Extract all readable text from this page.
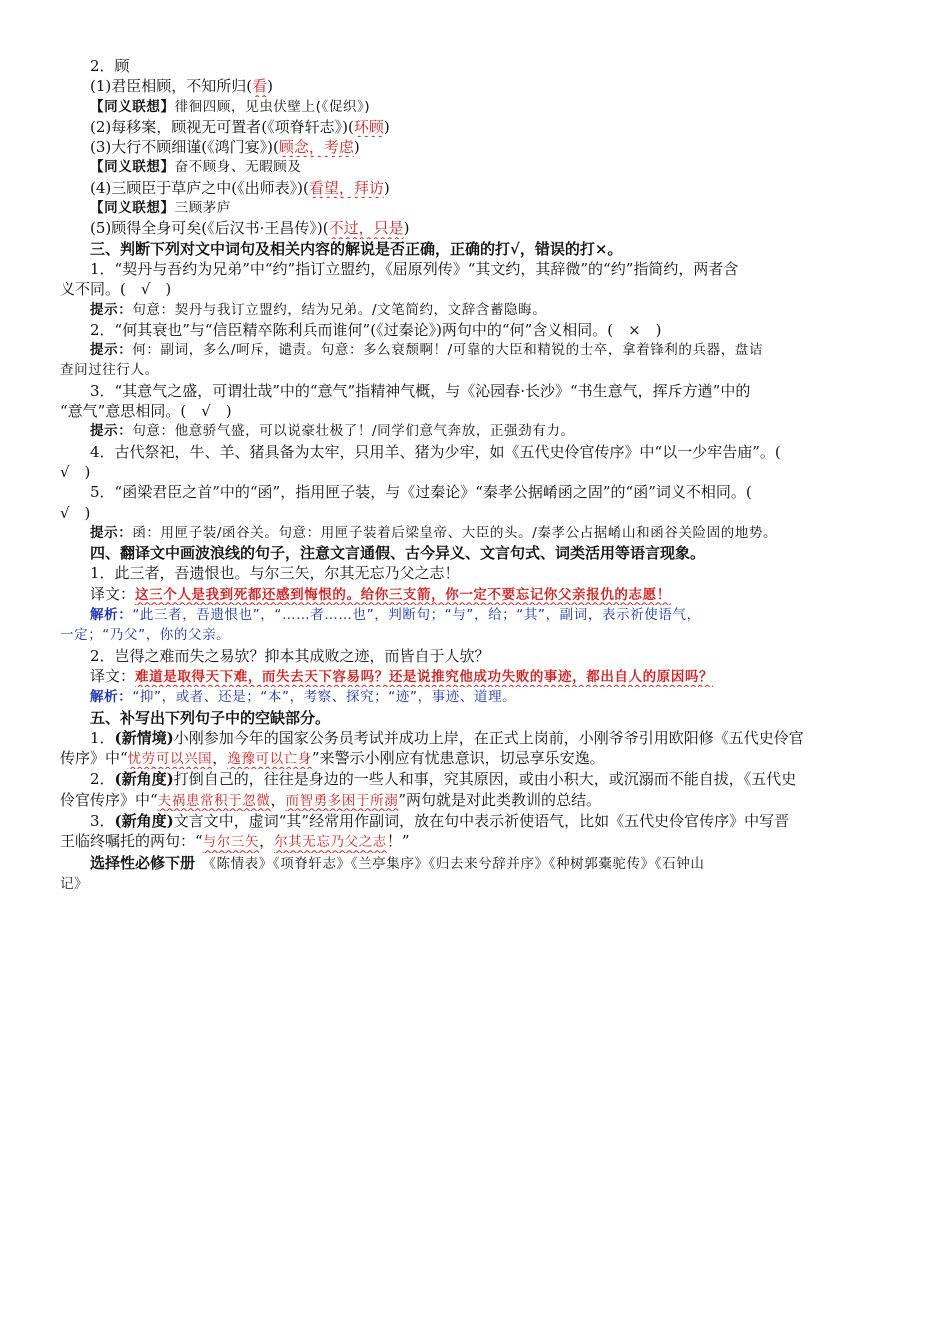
2．顾
(1)君臣相顾，不知所归(看)
【同义联想】徘徊四顾，见虫伏壁上(《促织》)
(2)每移案，顾视无可置者(《项脊轩志》)(环顾)
(3)大行不顾细谨(《鸿门宴》)(顾念，考虑)
【同义联想】奋不顾身、无暇顾及
(4)三顾臣于草庐之中(《出师表》)(看望，拜访)
【同义联想】三顾茅庐
(5)顾得全身可矣(《后汉书·王昌传》)(不过，只是)
三、判断下列对文中词句及相关内容的解说是否正确，正确的打√，错误的打×。
1．“契丹与吾约为兄弟”中“约”指订立盟约，《屈原列传》“其文约，其辞微”的“约”指简约，两者含
义不同。(　√　)
提示：句意：契丹与我订立盟约，结为兄弟。/文笔简约，文辞含蓄隐晦。
2．“何其衰也”与“信臣精卒陈利兵而谁何”(《过秦论》)两句中的“何”含义相同。(　×　)
提示：何：副词，多么/呵斥，谴责。句意：多么衰颓啊！/可靠的大臣和精锐的士卒，拿着锋利的兵器，盘诘
查问过往行人。
3．“其意气之盛，可谓壮哉”中的“意气”指精神气概，与《沁园春·长沙》“书生意气，挥斥方遒”中的
“意气”意思相同。(　√　)
提示：句意：他意骄气盛，可以说豪壮极了！/同学们意气奔放，正强劲有力。
4．古代祭祀，牛、羊、猪具备为太牢，只用羊、猪为少牢，如《五代史伶官传序》中“以一少牢告庙”。(
√　)
5．“函梁君臣之首”中的“函”，指用匣子装，与《过秦论》“秦孝公据崤函之固”的“函”词义不相同。(
√　)
提示：函：用匣子装/函谷关。句意：用匣子装着后梁皇帝、大臣的头。/秦孝公占据崤山和函谷关险固的地势。
四、翻译文中画波浪线的句子，注意文言通假、古今异义、文言句式、词类活用等语言现象。
1．此三者，吾遗恨也。与尔三矢，尔其无忘乃父之志！
译文：这三个人是我到死都还感到悔恨的。给你三支箭，你一定不要忘记你父亲报仇的志愿！
解析：“此三者，吾遗恨也”，“……者……也”，判断句；“与”，给；“其”，副词，表示祈使语气，
一定；“乃父”，你的父亲。
2．岂得之难而失之易欤？抑本其成败之迹，而皆自于人欤？
译文：难道是取得天下难，而失去天下容易吗？还是说推究他成功失败的事迹，都出自人的原因吗？
解析：“抑”，或者、还是；“本”，考察、探究；“迹”，事迹、道理。
五、补写出下列句子中的空缺部分。
1．(新情境)小刚参加今年的国家公务员考试并成功上岸，在正式上岗前，小刚爷爷引用欧阳修《五代史伶官
传序》中“忧劳可以兴国，逸豫可以亡身”来警示小刚应有忧患意识，切忌享乐安逸。
2．(新角度)打倒自己的，往往是身边的一些人和事，究其原因，或由小积大，或沉溺而不能自拔，《五代史
伶官传序》中“夫祸患常积于忽微，而智勇多困于所溺”两句就是对此类教训的总结。
3．(新角度)文言文中，虚词“其”经常用作副词，放在句中表示祈使语气，比如《五代史伶官传序》中写晋
王临终嘱托的两句：“与尔三矢，尔其无忘乃父之志！”
选择性必修下册　《陈情表》《项脊轩志》《兰亭集序》《归去来兮辞并序》《种树郭橐驼传》《石钟山
记》
